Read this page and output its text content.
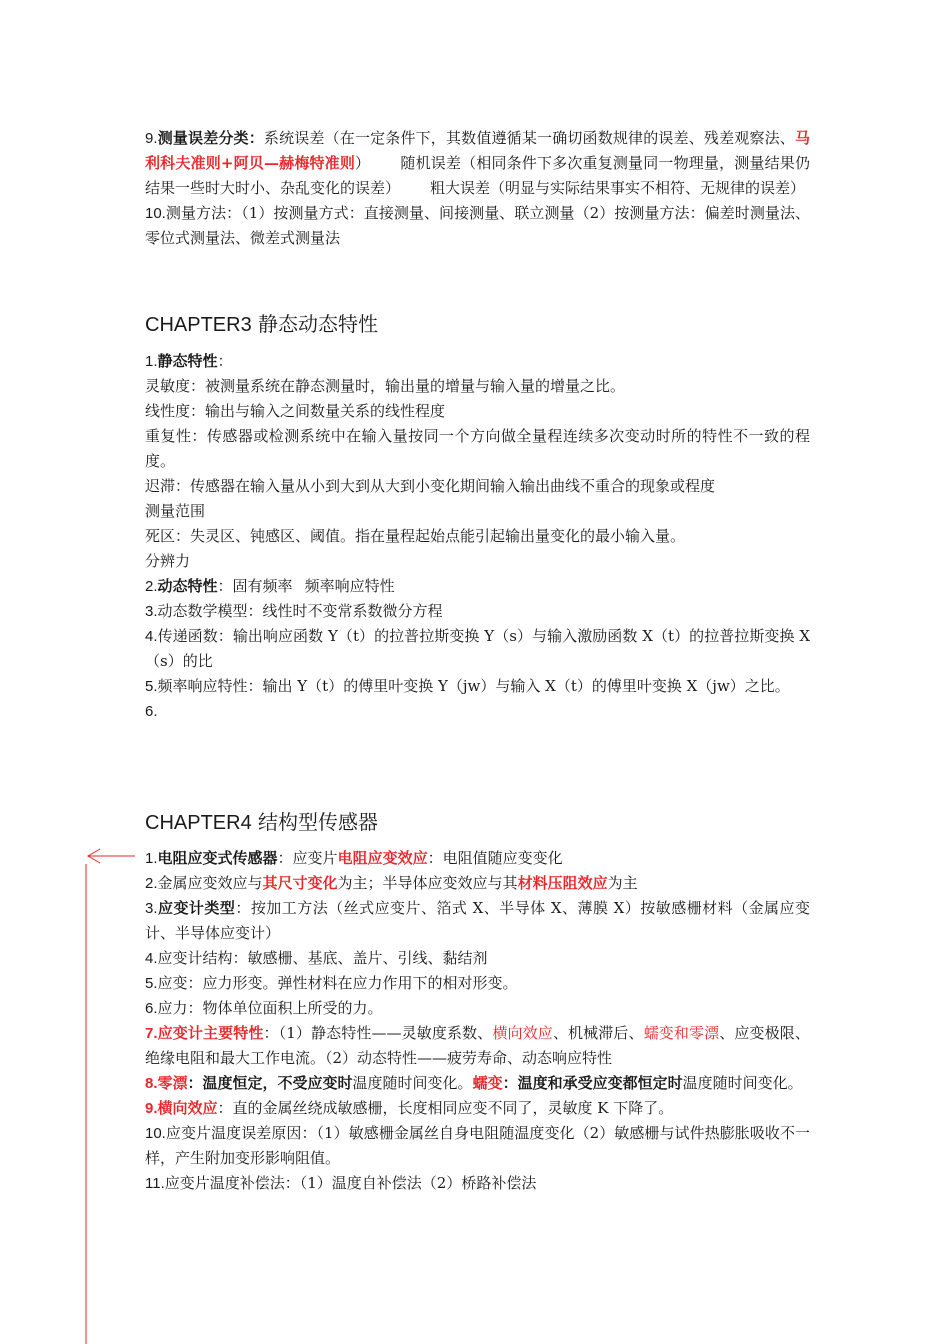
9.测量误差分类：系统误差（在一定条件下，其数值遵循某一确切函数规律的误差、残差观察法、马利科夫准则+阿贝—赫梅特准则） 随机误差（相同条件下多次重复测量同一物理量，测量结果仍结果一些时大时小、杂乱变化的误差） 粗大误差（明显与实际结果事实不相符、无规律的误差）

10.测量方法：（1）按测量方式：直接测量、间接测量、联立测量（2）按测量方法：偏差时测量法、零位式测量法、微差式测量法

CHAPTER3 静态动态特性

1.静态特性：

灵敏度：被测量系统在静态测量时，输出量的增量与输入量的增量之比。

线性度：输出与输入之间数量关系的线性程度

重复性：传感器或检测系统中在输入量按同一个方向做全量程连续多次变动时所的特性不一致的程度。

迟滞：传感器在输入量从小到大到从大到小变化期间输入输出曲线不重合的现象或程度

测量范围

死区：失灵区、钝感区、阈值。指在量程起始点能引起输出量变化的最小输入量。

分辨力

2.动态特性：固有频率 频率响应特性

3.动态数学模型：线性时不变常系数微分方程

4.传递函数：输出响应函数 Y（t）的拉普拉斯变换 Y（s）与输入激励函数 X（t）的拉普拉斯变换 X（s）的比

5.频率响应特性：输出 Y（t）的傅里叶变换 Y（jw）与输入 X（t）的傅里叶变换 X（jw）之比。

6.

CHAPTER4 结构型传感器

1.电阻应变式传感器：应变片电阻应变效应：电阻值随应变变化

2.金属应变效应与其尺寸变化为主；半导体应变效应与其材料压阻效应为主

3.应变计类型：按加工方法（丝式应变片、箔式 X、半导体 X、薄膜 X）按敏感栅材料（金属应变计、半导体应变计）

4.应变计结构：敏感栅、基底、盖片、引线、黏结剂

5.应变：应力形变。弹性材料在应力作用下的相对形变。

6.应力：物体单位面积上所受的力。

7.应变计主要特性：（1）静态特性——灵敏度系数、横向效应、机械滞后、蠕变和零漂、应变极限、绝缘电阻和最大工作电流。（2）动态特性——疲劳寿命、动态响应特性

8.零漂：温度恒定，不受应变时温度随时间变化。蠕变：温度和承受应变都恒定时温度随时间变化。

9.横向效应：直的金属丝绕成敏感栅，长度相同应变不同了，灵敏度 K 下降了。

10.应变片温度误差原因：（1）敏感栅金属丝自身电阻随温度变化（2）敏感栅与试件热膨胀吸收不一样，产生附加变形影响阻值。

11.应变片温度补偿法：（1）温度自补偿法（2）桥路补偿法
